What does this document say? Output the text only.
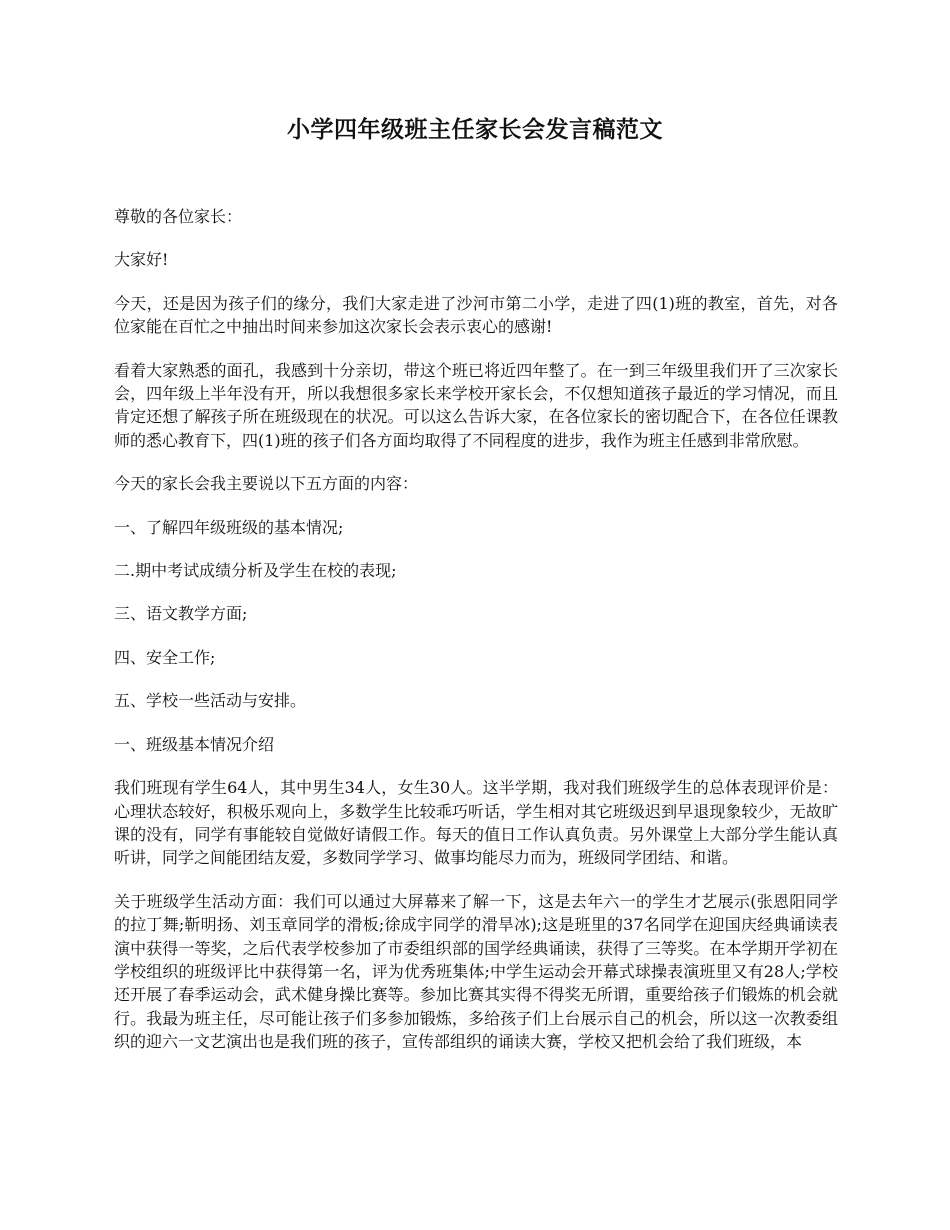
小学四年级班主任家长会发言稿范文

尊敬的各位家长：

大家好!

今天，还是因为孩子们的缘分，我们大家走进了沙河市第二小学，走进了四(1)班的教室，首先，对各位家能在百忙之中抽出时间来参加这次家长会表示衷心的感谢!

看着大家熟悉的面孔，我感到十分亲切，带这个班已将近四年整了。在一到三年级里我们开了三次家长会，四年级上半年没有开，所以我想很多家长来学校开家长会，不仅想知道孩子最近的学习情况，而且肯定还想了解孩子所在班级现在的状况。可以这么告诉大家，在各位家长的密切配合下，在各位任课教师的悉心教育下，四(1)班的孩子们各方面均取得了不同程度的进步，我作为班主任感到非常欣慰。

今天的家长会我主要说以下五方面的内容：

一、了解四年级班级的基本情况;

二.期中考试成绩分析及学生在校的表现;

三、语文教学方面;

四、安全工作;

五、学校一些活动与安排。

一、班级基本情况介绍

我们班现有学生64人，其中男生34人，女生30人。这半学期，我对我们班级学生的总体表现评价是：心理状态较好，积极乐观向上，多数学生比较乖巧听话，学生相对其它班级迟到早退现象较少，无故旷课的没有，同学有事能较自觉做好请假工作。每天的值日工作认真负责。另外课堂上大部分学生能认真听讲，同学之间能团结友爱，多数同学学习、做事均能尽力而为，班级同学团结、和谐。

关于班级学生活动方面：我们可以通过大屏幕来了解一下，这是去年六一的学生才艺展示(张恩阳同学的拉丁舞;靳明扬、刘玉章同学的滑板;徐成宇同学的滑旱冰);这是班里的37名同学在迎国庆经典诵读表演中获得一等奖，之后代表学校参加了市委组织部的国学经典诵读，获得了三等奖。在本学期开学初在学校组织的班级评比中获得第一名，评为优秀班集体;中学生运动会开幕式球操表演班里又有28人;学校还开展了春季运动会，武术健身操比赛等。参加比赛其实得不得奖无所谓，重要给孩子们锻炼的机会就行。我最为班主任，尽可能让孩子们多参加锻炼，多给孩子们上台展示自己的机会，所以这一次教委组织的迎六一文艺演出也是我们班的孩子，宣传部组织的诵读大赛，学校又把机会给了我们班级，本
